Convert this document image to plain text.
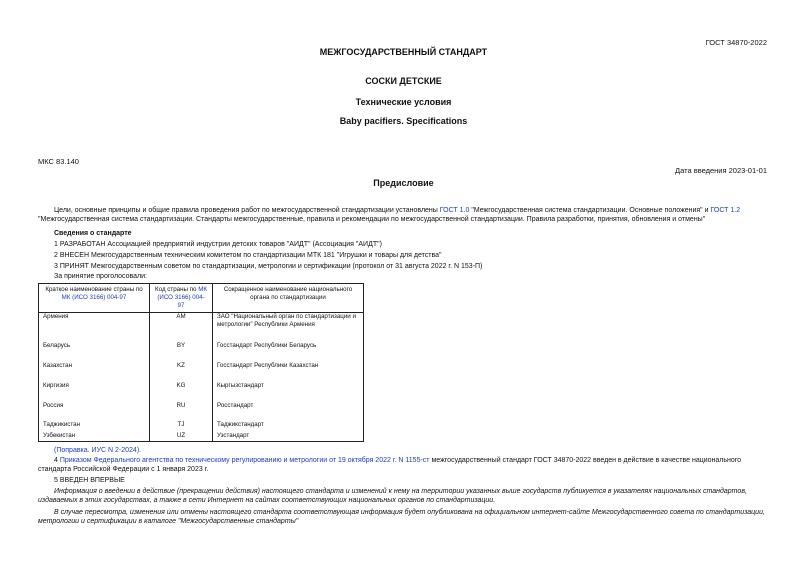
ГОСТ 34870-2022
МЕЖГОСУДАРСТВЕННЫЙ СТАНДАРТ
СОСКИ ДЕТСКИЕ
Технические условия
Baby pacifiers. Specifications
МКС 83.140
Дата введения 2023-01-01
Предисловие
Цели, основные принципы и общие правила проведения работ по межгосударственной стандартизации установлены ГОСТ 1.0 "Межгосударственная система стандартизации. Основные положения" и ГОСТ 1.2 "Межгосударственная система стандартизации. Стандарты межгосударственные, правила и рекомендации по межгосударственной стандартизации. Правила разработки, принятия, обновления и отмены"
Сведения о стандарте
1 РАЗРАБОТАН Ассоциацией предприятий индустрии детских товаров "АИДТ" (Ассоциация "АИДТ")
2 ВНЕСЕН Межгосударственным техническим комитетом по стандартизации МТК 181 "Игрушки и товары для детства"
3 ПРИНЯТ Межгосударственным советом по стандартизации, метрологии и сертификации (протокол от 31 августа 2022 г. N 153-П)
За принятие проголосовали:
Краткое наименование страны по МК (ИСО 3166) 004-97	Код страны по МК (ИСО 3166) 004-97	Сокращенное наименование национального органа по стандартизации
Армения	AM	ЗАО "Национальный орган по стандартизации и метрологии" Республики Армения
Беларусь	BY	Госстандарт Республики Беларусь
Казахстан	KZ	Госстандарт Республики Казахстан
Киргизия	KG	Кыргызстандарт
Россия	RU	Росстандарт
Таджикистан	TJ	Таджикстандарт
Узбекистан	UZ	Узстандарт
(Поправка. ИУС N 2-2024).
4 Приказом Федерального агентства по техническому регулированию и метрологии от 19 октября 2022 г. N 1155-ст межгосударственный стандарт ГОСТ 34870-2022 введен в действие в качестве национального стандарта Российской Федерации с 1 января 2023 г.
5 ВВЕДЕН ВПЕРВЫЕ
Информация о введении в действие (прекращении действия) настоящего стандарта и изменений к нему на территории указанных выше государств публикуется в указателях национальных стандартов, издаваемых в этих государствах, а также в сети Интернет на сайтах соответствующих национальных органов по стандартизации.
В случае пересмотра, изменения или отмены настоящего стандарта соответствующая информация будет опубликована на официальном интернет-сайте Межгосударственного совета по стандартизации, метрологии и сертификации в каталоге "Межгосударственные стандарты"
